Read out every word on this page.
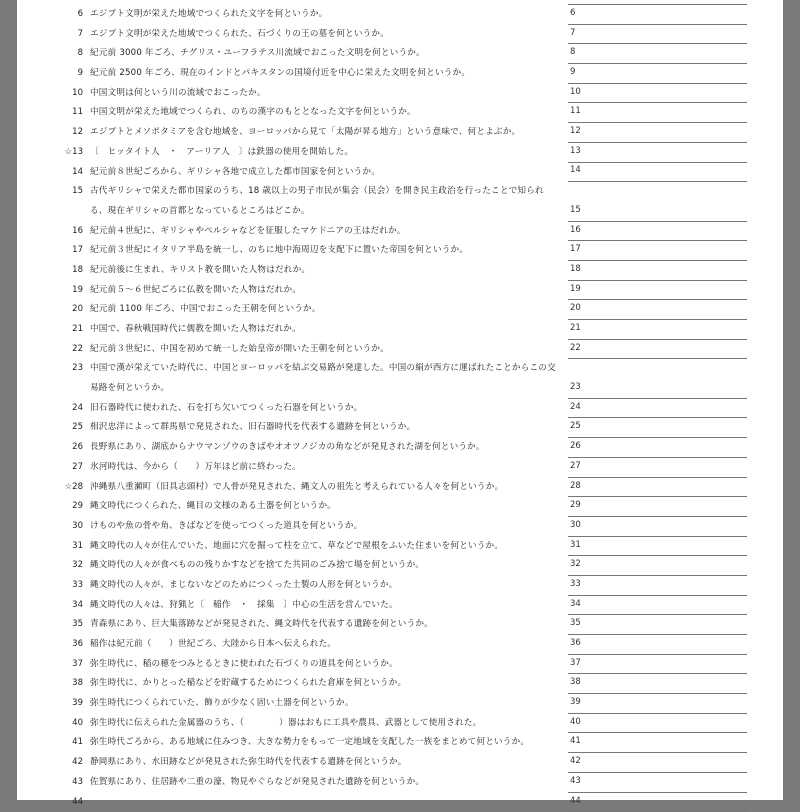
6 エジプト文明が栄えた地域でつくられた文字を何というか。	6
7 エジプト文明が栄えた地域でつくられた、石づくりの王の墓を何というか。	7
8 紀元前 3000 年ごろ、チグリス・ユーフラテス川流域でおこった文明を何というか。	8
9 紀元前 2500 年ごろ、現在のインドとパキスタンの国境付近を中心に栄えた文明を何というか。	9
10 中国文明は何という川の流域でおこったか。	10
11 中国文明が栄えた地域でつくられ、のちの漢字のもととなった文字を何というか。	11
12 エジプトとメソポタミアを含む地域を、ヨーロッパから見て「太陽が昇る地方」という意味で、何とよぶか。	12
☆13 〔　ヒッタイト人　・　アーリア人　〕は鉄器の使用を開始した。	13
14 紀元前８世紀ごろから、ギリシャ各地で成立した都市国家を何というか。	14
15 古代ギリシャで栄えた都市国家のうち、18 歳以上の男子市民が集会（民会）を開き民主政治を行ったことで知られる、現在ギリシャの首都となっているところはどこか。	15
16 紀元前４世紀に、ギリシャやペルシャなどを征服したマケドニアの王はだれか。	16
17 紀元前３世紀にイタリア半島を統一し、のちに地中海周辺を支配下に置いた帝国を何というか。	17
18 紀元前後に生まれ、キリスト教を開いた人物はだれか。	18
19 紀元前５～６世紀ごろに仏教を開いた人物はだれか。	19
20 紀元前 1100 年ごろ、中国でおこった王朝を何というか。	20
21 中国で、春秋戦国時代に儒教を開いた人物はだれか。	21
22 紀元前３世紀に、中国を初めて統一した始皇帝が開いた王朝を何というか。	22
23 中国で漢が栄えていた時代に、中国とヨーロッパを結ぶ交易路が発達した。中国の絹が西方に運ばれたことからこの交易路を何というか。	23
24 旧石器時代に使われた、石を打ち欠いてつくった石器を何というか。	24
25 相沢忠洋によって群馬県で発見された、旧石器時代を代表する遺跡を何というか。	25
26 長野県にあり、湖底からナウマンゾウのきばやオオツノジカの角などが発見された湖を何というか。	26
27 氷河時代は、今から（　　）万年ほど前に終わった。	27
☆28 沖縄県八重瀬町（旧具志頭村）で人骨が発見された、縄文人の祖先と考えられている人々を何というか。	28
29 縄文時代につくられた、縄目の文様のある土器を何というか。	29
30 けものや魚の骨や角、きばなどを使ってつくった道具を何というか。	30
31 縄文時代の人々が住んでいた、地面に穴を掘って柱を立て、草などで屋根をふいた住まいを何というか。	31
32 縄文時代の人々が食べものの残りかすなどを捨てた共同のごみ捨て場を何というか。	32
33 縄文時代の人々が、まじないなどのためにつくった土製の人形を何というか。	33
34 縄文時代の人々は、狩猟と〔　稲作　・　採集　〕中心の生活を営んでいた。	34
35 青森県にあり、巨大集落跡などが発見された、縄文時代を代表する遺跡を何というか。	35
36 稲作は紀元前（　　）世紀ごろ、大陸から日本へ伝えられた。	36
37 弥生時代に、稲の穂をつみとるときに使われた石づくりの道具を何というか。	37
38 弥生時代に、かりとった稲などを貯蔵するためにつくられた倉庫を何というか。	38
39 弥生時代につくられていた、飾りが少なく固い土器を何というか。	39
40 弥生時代に伝えられた金属器のうち、（　　　　）器はおもに工具や農具、武器として使用された。	40
41 弥生時代ごろから、ある地域に住みつき、大きな勢力をもって一定地域を支配した一族をまとめて何というか。	41
42 静岡県にあり、水田跡などが発見された弥生時代を代表する遺跡を何というか。	42
43 佐賀県にあり、住居跡や二重の濠、物見やぐらなどが発見された遺跡を何というか。	43
44	44
